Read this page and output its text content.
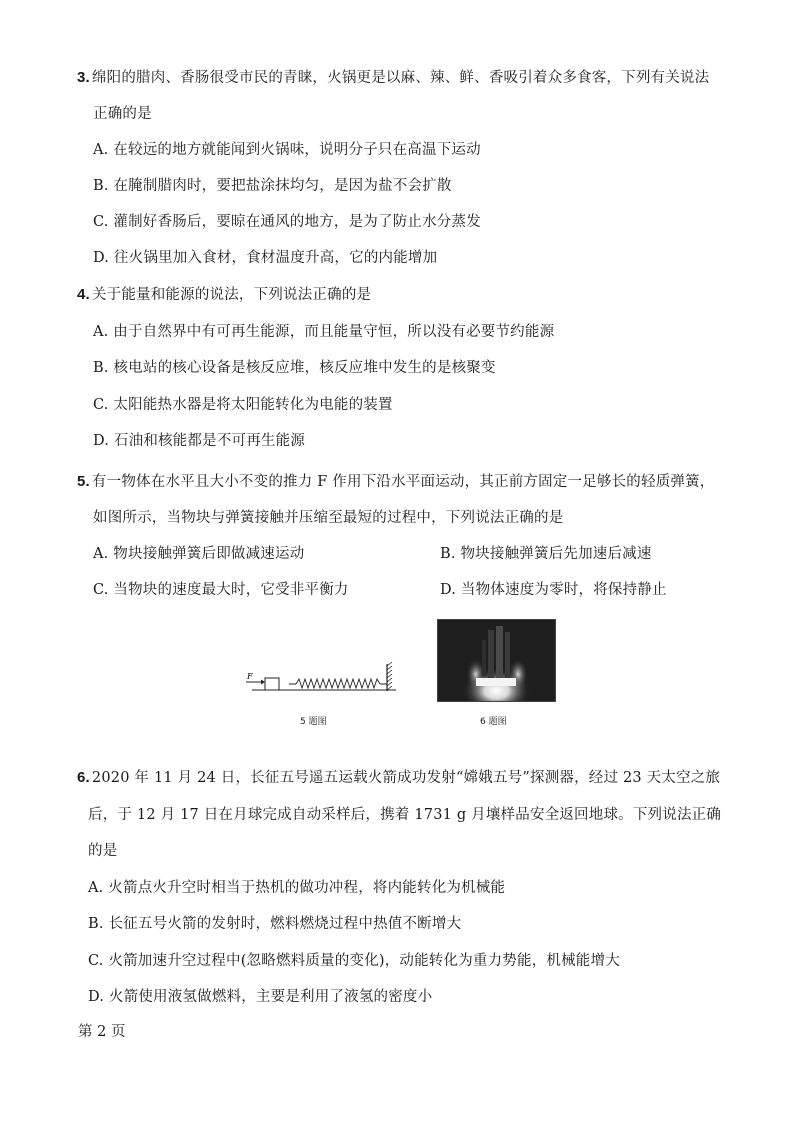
3. 绵阳的腊肉、香肠很受市民的青睐，火锅更是以麻、辣、鲜、香吸引着众多食客，下列有关说法
正确的是
A. 在较远的地方就能闻到火锅味，说明分子只在高温下运动
B. 在腌制腊肉时，要把盐涂抹均匀，是因为盐不会扩散
C. 灌制好香肠后，要晾在通风的地方，是为了防止水分蒸发
D. 往火锅里加入食材，食材温度升高，它的内能增加
4. 关于能量和能源的说法，下列说法正确的是
A. 由于自然界中有可再生能源，而且能量守恒，所以没有必要节约能源
B. 核电站的核心设备是核反应堆，核反应堆中发生的是核聚变
C. 太阳能热水器是将太阳能转化为电能的装置
D. 石油和核能都是不可再生能源
5. 有一物体在水平且大小不变的推力 F 作用下沿水平面运动，其正前方固定一足够长的轻质弹簧，
如图所示，当物块与弹簧接触并压缩至最短的过程中，下列说法正确的是
A. 物块接触弹簧后即做减速运动	B. 物块接触弹簧后先加速后减速
C. 当物块的速度最大时，它受非平衡力	D. 当物体速度为零时，将保持静止
F
5 题图	6 题图
6. 2020 年 11 月 24 日，长征五号遥五运载火箭成功发射“嫦娥五号”探测器，经过 23 天太空之旅
后，于 12 月 17 日在月球完成自动采样后，携着 1731 g 月壤样品安全返回地球。下列说法正确
的是
A. 火箭点火升空时相当于热机的做功冲程，将内能转化为机械能
B. 长征五号火箭的发射时，燃料燃烧过程中热值不断增大
C. 火箭加速升空过程中(忽略燃料质量的变化)，动能转化为重力势能，机械能增大
D. 火箭使用液氢做燃料，主要是利用了液氢的密度小
第 2 页
